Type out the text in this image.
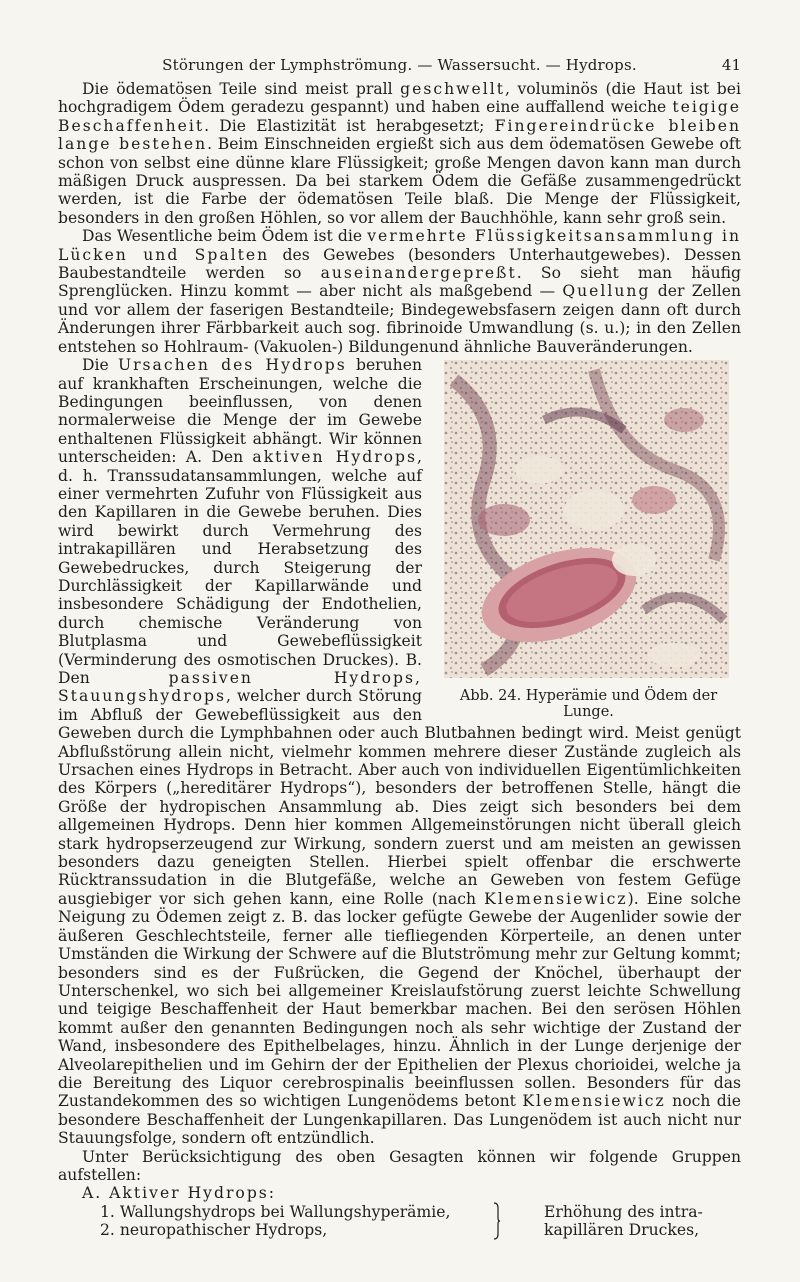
Störungen der Lymphströmung. — Wassersucht. — Hydrops.	41

Die ödematösen Teile sind meist prall geschwellt, voluminös (die Haut ist bei hochgradigem Ödem geradezu gespannt) und haben eine auffallend weiche teigige Beschaffenheit. Die Elastizität ist herabgesetzt; Fingereindrücke bleiben lange bestehen. Beim Einschneiden ergießt sich aus dem ödematösen Gewebe oft schon von selbst eine dünne klare Flüssigkeit; große Mengen davon kann man durch mäßigen Druck auspressen. Da bei starkem Ödem die Gefäße zusammengedrückt werden, ist die Farbe der ödematösen Teile blaß. Die Menge der Flüssigkeit, besonders in den großen Höhlen, so vor allem der Bauchhöhle, kann sehr groß sein.

Das Wesentliche beim Ödem ist die vermehrte Flüssigkeitsansammlung in Lücken und Spalten des Gewebes (besonders Unterhautgewebes). Dessen Baubestandteile werden so auseinandergepreßt. So sieht man häufig Sprenglücken. Hinzu kommt — aber nicht als maßgebend — Quellung der Zellen und vor allem der faserigen Bestandteile; Bindegewebsfasern zeigen dann oft durch Änderungen ihrer Färbbarkeit auch sog. fibrinoide Umwandlung (s. u.); in den Zellen entstehen so Hohlraum- (Vakuolen-) Bildungenund ähnliche Bauveränderungen.

Abb. 24. Hyperämie und Ödem der Lunge.

Die Ursachen des Hydrops beruhen auf krankhaften Erscheinungen, welche die Bedingungen beeinflussen, von denen normalerweise die Menge der im Gewebe enthaltenen Flüssigkeit abhängt. Wir können unterscheiden: A. Den aktiven Hydrops, d. h. Transsudatansammlungen, welche auf einer vermehrten Zufuhr von Flüssigkeit aus den Kapillaren in die Gewebe beruhen. Dies wird bewirkt durch Vermehrung des intrakapillären und Herabsetzung des Gewebedruckes, durch Steigerung der Durchlässigkeit der Kapillarwände und insbesondere Schädigung der Endothelien, durch chemische Veränderung von Blutplasma und Gewebeflüssigkeit (Verminderung des osmotischen Druckes). B. Den passiven Hydrops, Stauungshydrops, welcher durch Störung im Abfluß der Gewebeflüssigkeit aus den Geweben durch die Lymphbahnen oder auch Blutbahnen bedingt wird. Meist genügt Abflußstörung allein nicht, vielmehr kommen mehrere dieser Zustände zugleich als Ursachen eines Hydrops in Betracht. Aber auch von individuellen Eigentümlichkeiten des Körpers („hereditärer Hydrops“), besonders der betroffenen Stelle, hängt die Größe der hydropischen Ansammlung ab. Dies zeigt sich besonders bei dem allgemeinen Hydrops. Denn hier kommen Allgemeinstörungen nicht überall gleich stark hydropserzeugend zur Wirkung, sondern zuerst und am meisten an gewissen besonders dazu geneigten Stellen. Hierbei spielt offenbar die erschwerte Rücktranssudation in die Blutgefäße, welche an Geweben von festem Gefüge ausgiebiger vor sich gehen kann, eine Rolle (nach Klemensiewicz). Eine solche Neigung zu Ödemen zeigt z. B. das locker gefügte Gewebe der Augenlider sowie der äußeren Geschlechtsteile, ferner alle tiefliegenden Körperteile, an denen unter Umständen die Wirkung der Schwere auf die Blutströmung mehr zur Geltung kommt; besonders sind es der Fußrücken, die Gegend der Knöchel, überhaupt der Unterschenkel, wo sich bei allgemeiner Kreislaufstörung zuerst leichte Schwellung und teigige Beschaffenheit der Haut bemerkbar machen. Bei den serösen Höhlen kommt außer den genannten Bedingungen noch als sehr wichtige der Zustand der Wand, insbesondere des Epithelbelages, hinzu. Ähnlich in der Lunge derjenige der Alveolarepithelien und im Gehirn der der Epithelien der Plexus chorioidei, welche ja die Bereitung des Liquor cerebrospinalis beeinflussen sollen. Besonders für das Zustandekommen des so wichtigen Lungenödems betont Klemensiewicz noch die besondere Beschaffenheit der Lungenkapillaren. Das Lungenödem ist auch nicht nur Stauungsfolge, sondern oft entzündlich.

Unter Berücksichtigung des oben Gesagten können wir folgende Gruppen aufstellen:

A. Aktiver Hydrops:

1. Wallungshydrops bei Wallungshyperämie,	Erhöhung des intra-
2. neuropathischer Hydrops,	kapillären Druckes,
